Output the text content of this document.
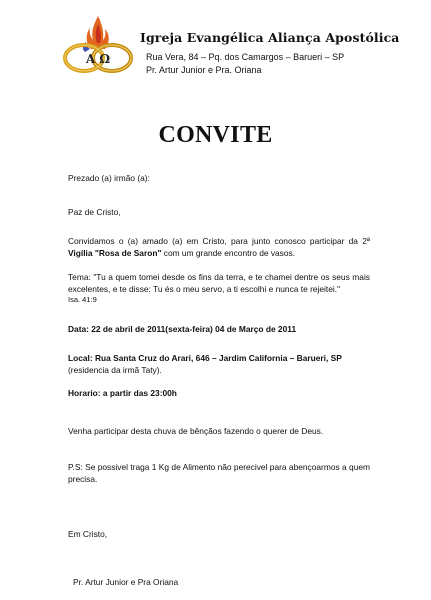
A Ω
Igreja Evangélica Aliança Apostólica
Rua Vera, 84 – Pq. dos Camargos – Barueri – SP
Pr. Artur Junior e Pra. Oriana
CONVITE
Prezado (a) irmão (a):
Paz de Cristo,
Convidamos o (a) amado (a) em Cristo, para junto conosco participar da 2ª Vigília "Rosa de Saron" com um grande encontro de vasos.
Tema: "Tu a quem tomei desde os fins da terra, e te chamei dentre os seus mais excelentes, e te disse: Tu és o meu servo, a ti escolhi e nunca te rejeitei."
Isa. 41:9
Data: 22 de abril de 2011(sexta-feira) 04 de Março de 2011
Local: Rua Santa Cruz do Arari, 646 – Jardim California – Barueri, SP
(residencia da irmã Taty).
Horario: a partir das 23:00h
Venha participar desta chuva de bênçãos fazendo o querer de Deus.
P.S: Se possivel traga 1 Kg de Alimento não perecivel para abençoarmos a quem precisa.
Em Cristo,
Pr. Artur Junior e Pra Oriana
